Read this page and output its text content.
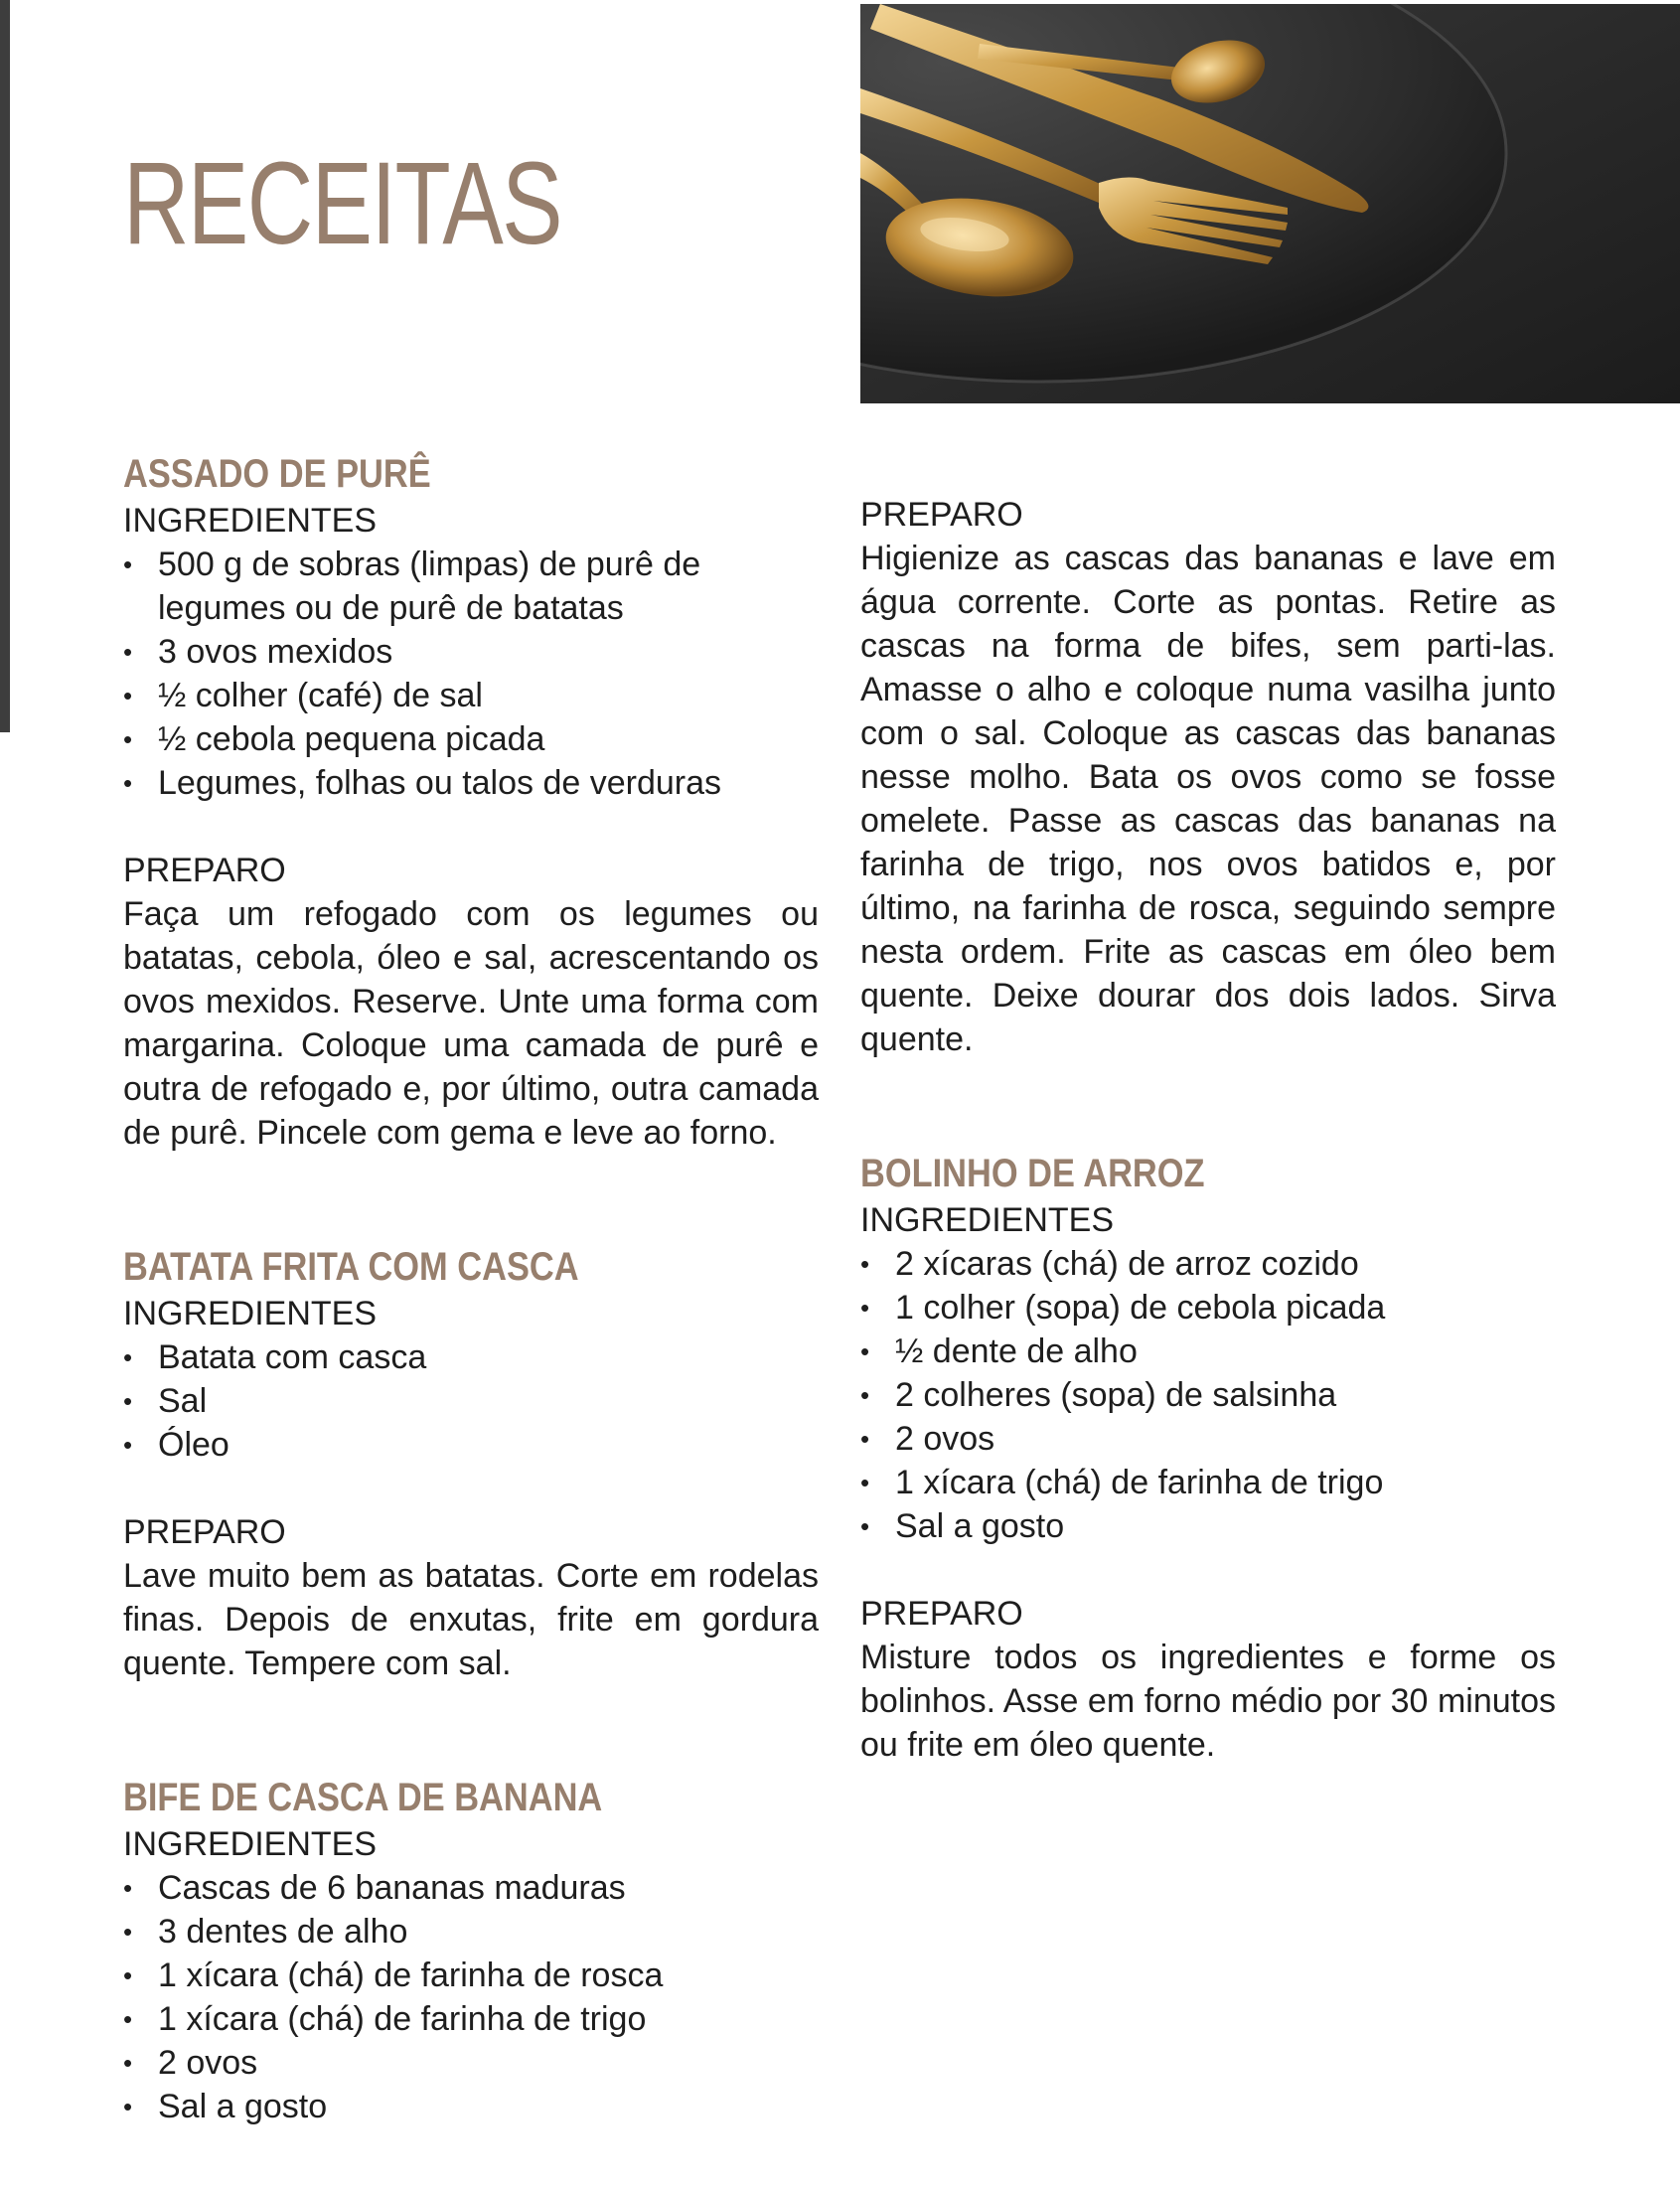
RECEITAS
ASSADO DE PURÊ
INGREDIENTES
• 500 g de sobras (limpas) de purê de legumes ou de purê de batatas
• 3 ovos mexidos
• ½ colher (café) de sal
• ½ cebola pequena picada
• Legumes, folhas ou talos de verduras
PREPARO

Faça um refogado com os legumes ou batatas, cebola, óleo e sal, acrescentando os ovos mexidos. Reserve. Unte uma forma com margarina. Coloque uma camada de purê e outra de refogado e, por último, outra camada de purê. Pincele com gema e leve ao forno.

BATATA FRITA COM CASCA
INGREDIENTES
• Batata com casca
• Sal
• Óleo
PREPARO

Lave muito bem as batatas. Corte em rodelas finas. Depois de enxutas, frite em gordura quente. Tempere com sal.

BIFE DE CASCA DE BANANA
INGREDIENTES
• Cascas de 6 bananas maduras
• 3 dentes de alho
• 1 xícara (chá) de farinha de rosca
• 1 xícara (chá) de farinha de trigo
• 2 ovos
• Sal a gosto
PREPARO

Higienize as cascas das bananas e lave em água corrente. Corte as pontas. Retire as cascas na forma de bifes, sem parti-las. Amasse o alho e coloque numa vasilha junto com o sal. Coloque as cascas das bananas nesse molho. Bata os ovos como se fosse omelete. Passe as cascas das bananas na farinha de trigo, nos ovos batidos e, por último, na farinha de rosca, seguindo sempre nesta ordem. Frite as cascas em óleo bem quente. Deixe dourar dos dois lados. Sirva quente.

BOLINHO DE ARROZ
INGREDIENTES
• 2 xícaras (chá) de arroz cozido
• 1 colher (sopa) de cebola picada
• ½ dente de alho
• 2 colheres (sopa) de salsinha
• 2 ovos
• 1 xícara (chá) de farinha de trigo
• Sal a gosto
PREPARO

Misture todos os ingredientes e forme os bolinhos. Asse em forno médio por 30 minutos ou frite em óleo quente.
